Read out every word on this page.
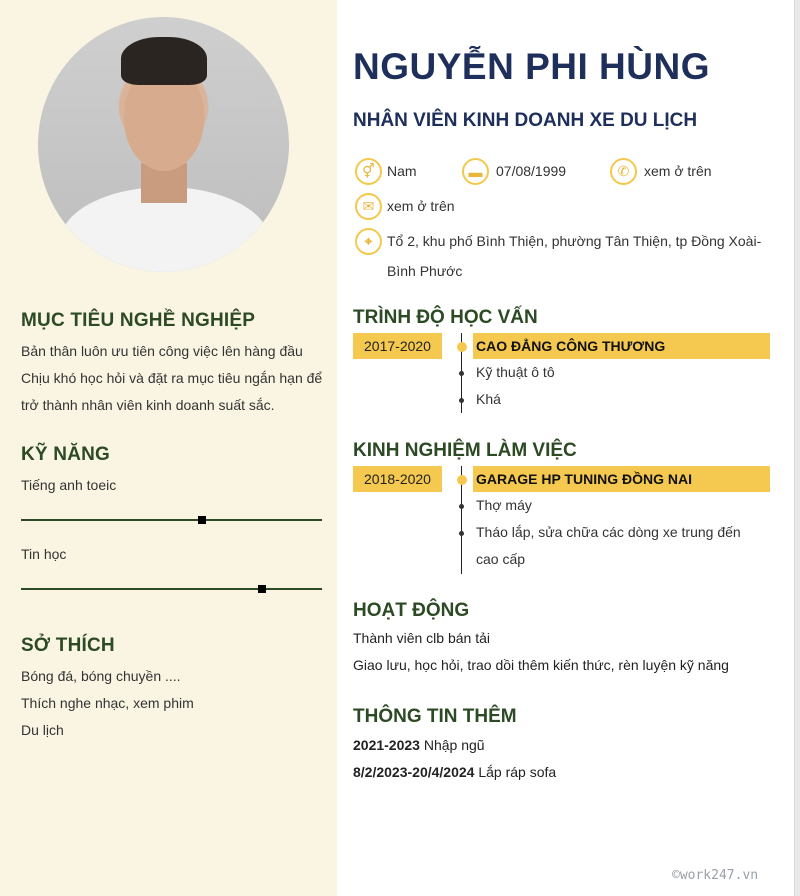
MỤC TIÊU NGHỀ NGHIỆP
Bản thân luôn ưu tiên công việc lên hàng đầu
Chịu khó học hỏi và đặt ra mục tiêu ngắn hạn để
trở thành nhân viên kinh doanh suất sắc.
KỸ NĂNG
Tiếng anh toeic
Tin học
SỞ THÍCH
Bóng đá, bóng chuyền ....
Thích nghe nhạc, xem phim
Du lịch
NGUYỄN PHI HÙNG
NHÂN VIÊN KINH DOANH XE DU LỊCH
⚥ Nam	▬ 07/08/1999	✆	xem ở trên
✉ xem ở trên
⌖	Tổ 2, khu phố Bình Thiện, phường Tân Thiện, tp Đồng Xoài-
Bình Phước
TRÌNH ĐỘ HỌC VẤN
2017-2020	CAO ĐẲNG CÔNG THƯƠNG
Kỹ thuật ô tô
Khá
KINH NGHIỆM LÀM VIỆC
2018-2020	GARAGE HP TUNING ĐỒNG NAI
Thợ máy
Tháo lắp, sửa chữa các dòng xe trung đến
cao cấp
HOẠT ĐỘNG
Thành viên clb bán tải
Giao lưu, học hỏi, trao dồi thêm kiến thức, rèn luyện kỹ năng
THÔNG TIN THÊM
2021-2023 Nhập ngũ
8/2/2023-20/4/2024 Lắp ráp sofa
©work247.vn
